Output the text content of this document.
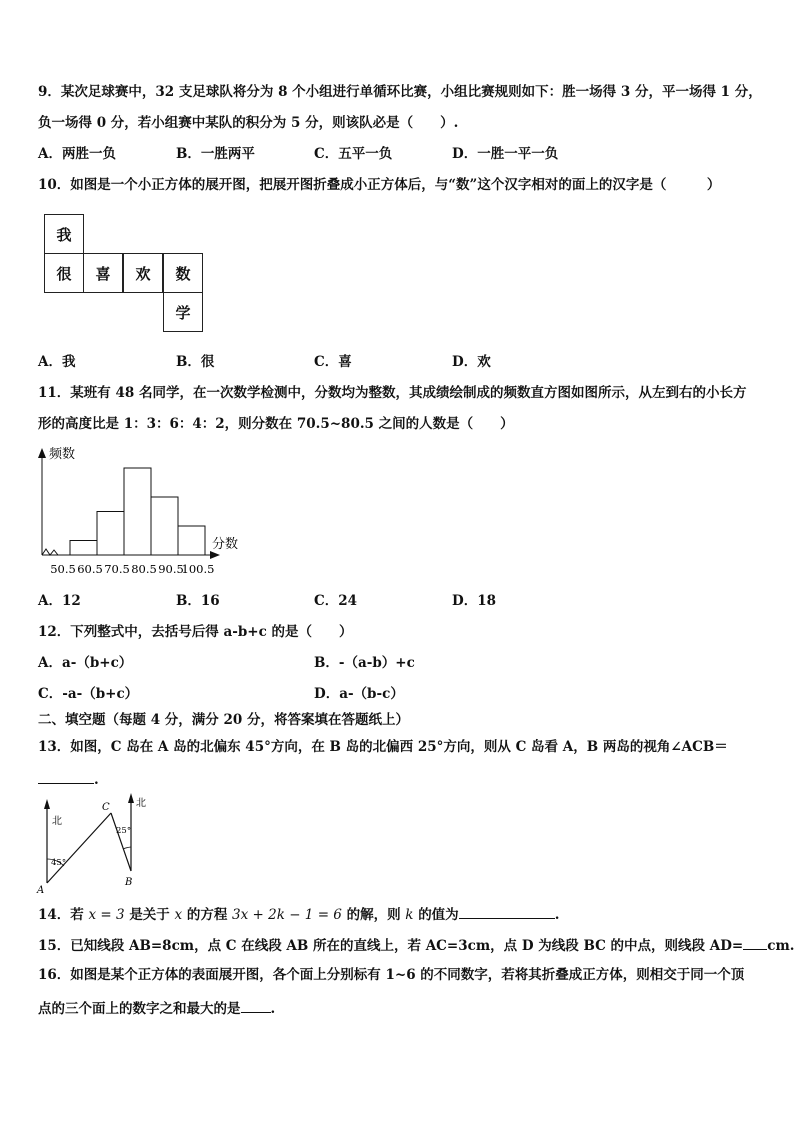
9．某次足球赛中，32 支足球队将分为 8 个小组进行单循环比赛，小组比赛规则如下：胜一场得 3 分，平一场得 1 分，
负一场得 0 分，若小组赛中某队的积分为 5 分，则该队必是（　　）.
A．两胜一负	B．一胜两平	C．五平一负	D．一胜一平一负
10．如图是一个小正方体的展开图，把展开图折叠成小正方体后，与“数”这个汉字相对的面上的汉字是（　　　）
我
很	喜	欢	数
学
A．我	B．很	C．喜	D．欢
11．某班有 48 名同学，在一次数学检测中，分数均为整数，其成绩绘制成的频数直方图如图所示，从左到右的小长方
形的高度比是 1：3：6：4：2，则分数在 70.5~80.5 之间的人数是（　　）
频数
分数
50.5 60.5 70.5 80.5 90.5
100.5
A．12	B．16	C．24	D．18
12．下列整式中，去括号后得 a-b+c 的是（　　）
A．a-（b+c）	B．-（a-b）+c
C．-a-（b+c）	D．a-（b-c）
二、填空题（每题 4 分，满分 20 分，将答案填在答题纸上）
13．如图，C 岛在 A 岛的北偏东 45°方向，在 B 岛的北偏西 25°方向，则从 C 岛看 A，B 两岛的视角∠ACB＝
.
北
北
45°
25°
A
B
C
14．若 x = 3 是关于 x 的方程 3x + 2k − 1 = 6 的解，则 k 的值为	.
15．已知线段 AB=8cm，点 C 在线段 AB 所在的直线上，若 AC=3cm，点 D 为线段 BC 的中点，则线段 AD= cm.
16．如图是某个正方体的表面展开图，各个面上分别标有 1~6 的不同数字，若将其折叠成正方体，则相交于同一个顶
点的三个面上的数字之和最大的是 .
